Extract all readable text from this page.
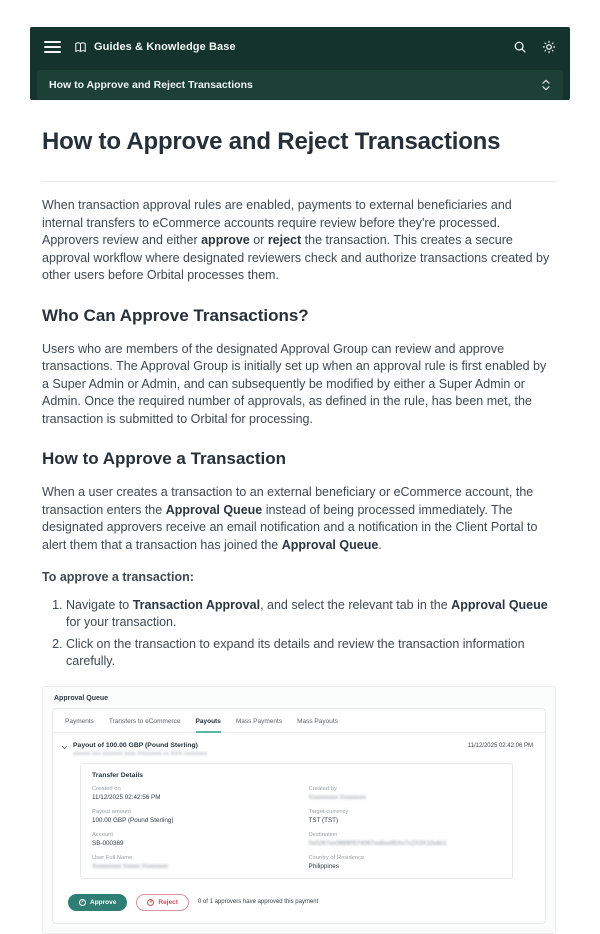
Guides & Knowledge Base
How to Approve and Reject Transactions
How to Approve and Reject Transactions

When transaction approval rules are enabled, payments to external beneficiaries and internal transfers to eCommerce accounts require review before they're processed. Approvers review and either approve or reject the transaction. This creates a secure approval workflow where designated reviewers check and authorize transactions created by other users before Orbital processes them.

Who Can Approve Transactions?

Users who are members of the designated Approval Group can review and approve transactions. The Approval Group is initially set up when an approval rule is first enabled by a Super Admin or Admin, and can subsequently be modified by either a Super Admin or Admin. Once the required number of approvals, as defined in the rule, has been met, the transaction is submitted to Orbital for processing.

How to Approve a Transaction

When a user creates a transaction to an external beneficiary or eCommerce account, the transaction enters the Approval Queue instead of being processed immediately. The designated approvers receive an email notification and a notification in the Client Portal to alert them that a transaction has joined the Approval Queue.

To approve a transaction:

1. Navigate to Transaction Approval, and select the relevant tab in the Approval Queue for your transaction.
2. Click on the transaction to expand its details and review the transaction information carefully.
Approval Queue
Payments Transfers to eCommerce Payouts Mass Payments Mass Payouts
Payout of 100.00 GBP (Pound Sterling)
xxxxxx xxx xxxxxxx xxxx Xxxxxxxx xx XXX xxxxxxxx
11/12/2025 02:42:06 PM
Transfer Details
Created on
11/12/2025 02:42:56 PM
Created by
Xxxxxxxxx Xxxxxxxx
Payout amount
100.00 GBP (Pound Sterling)
Target currency
TST (TST)
Account
SB-000369
Destination
0x0267xx08890574067xx8xx85Xx7x2X3X10x8x1
User Full Name
Xxxxxxxxx Xxxxx Xxxxxxxx
Country of Residence
Philippines
✓ Approve	✕ Reject	0 of 1 approvers have approved this payment
